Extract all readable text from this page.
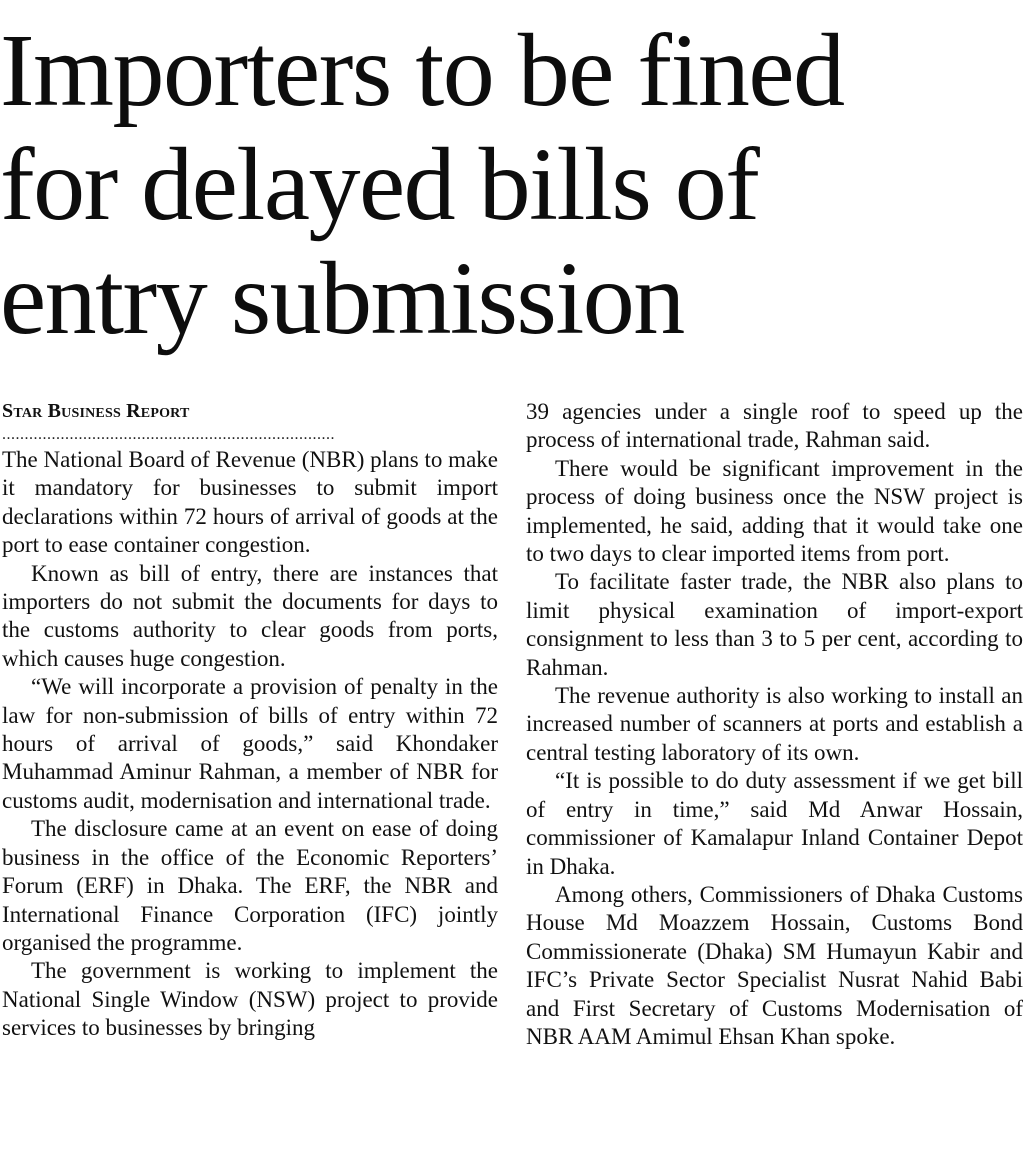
Importers to be fined
for delayed bills of
entry submission
Star Business Report
..........................................................................

The National Board of Revenue (NBR) plans to make it mandatory for businesses to submit import declarations within 72 hours of arrival of goods at the port to ease container congestion.

Known as bill of entry, there are instances that importers do not submit the documents for days to the customs authority to clear goods from ports, which causes huge congestion.

“We will incorporate a provision of penalty in the law for non-submission of bills of entry within 72 hours of arrival of goods,” said Khondaker Muhammad Aminur Rahman, a member of NBR for customs audit, modernisation and international trade.

The disclosure came at an event on ease of doing business in the office of the Economic Reporters’ Forum (ERF) in Dhaka. The ERF, the NBR and International Finance Corporation (IFC) jointly organised the programme.

The government is working to implement the National Single Window (NSW) project to provide services to businesses by bringing

39 agencies under a single roof to speed up the process of international trade, Rahman said.

There would be significant improvement in the process of doing business once the NSW project is implemented, he said, adding that it would take one to two days to clear imported items from port.

To facilitate faster trade, the NBR also plans to limit physical examination of import-export consignment to less than 3 to 5 per cent, according to Rahman.

The revenue authority is also working to install an increased number of scanners at ports and establish a central testing laboratory of its own.

“It is possible to do duty assessment if we get bill of entry in time,” said Md Anwar Hossain, commissioner of Kamalapur Inland Container Depot in Dhaka.

Among others, Commissioners of Dhaka Customs House Md Moazzem Hossain, Customs Bond Commissionerate (Dhaka) SM Humayun Kabir and IFC’s Private Sector Specialist Nusrat Nahid Babi and First Secretary of Customs Modernisation of NBR AAM Amimul Ehsan Khan spoke.
